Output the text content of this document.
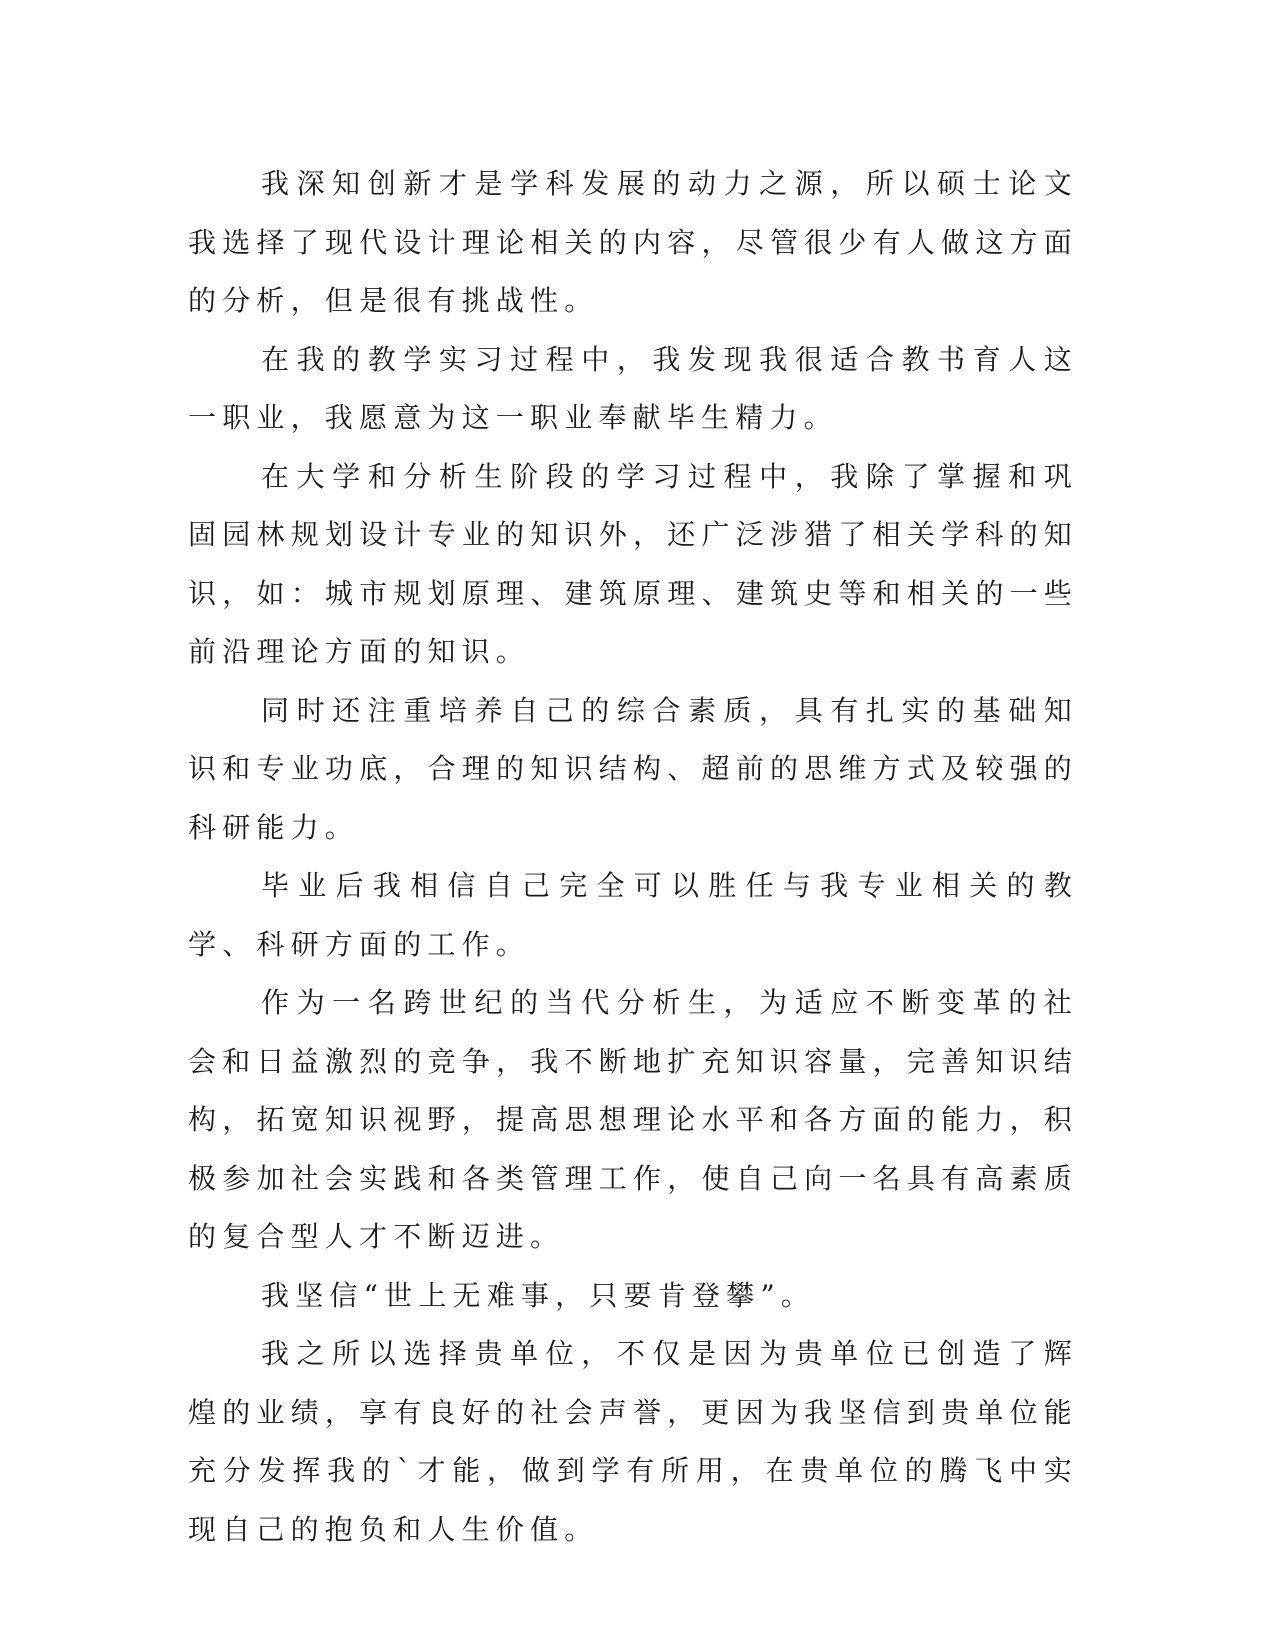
我深知创新才是学科发展的动力之源，所以硕士论文我选择了现代设计理论相关的内容，尽管很少有人做这方面的分析，但是很有挑战性。

在我的教学实习过程中，我发现我很适合教书育人这一职业，我愿意为这一职业奉献毕生精力。

在大学和分析生阶段的学习过程中，我除了掌握和巩固园林规划设计专业的知识外，还广泛涉猎了相关学科的知识，如：城市规划原理、建筑原理、建筑史等和相关的一些前沿理论方面的知识。

同时还注重培养自己的综合素质，具有扎实的基础知识和专业功底，合理的知识结构、超前的思维方式及较强的科研能力。

毕业后我相信自己完全可以胜任与我专业相关的教学、科研方面的工作。

作为一名跨世纪的当代分析生，为适应不断变革的社会和日益激烈的竞争，我不断地扩充知识容量，完善知识结构，拓宽知识视野，提高思想理论水平和各方面的能力，积极参加社会实践和各类管理工作，使自己向一名具有高素质的复合型人才不断迈进。

我坚信“世上无难事，只要肯登攀”。

我之所以选择贵单位，不仅是因为贵单位已创造了辉煌的业绩，享有良好的社会声誉，更因为我坚信到贵单位能充分发挥我的`才能，做到学有所用，在贵单位的腾飞中实现自己的抱负和人生价值。
